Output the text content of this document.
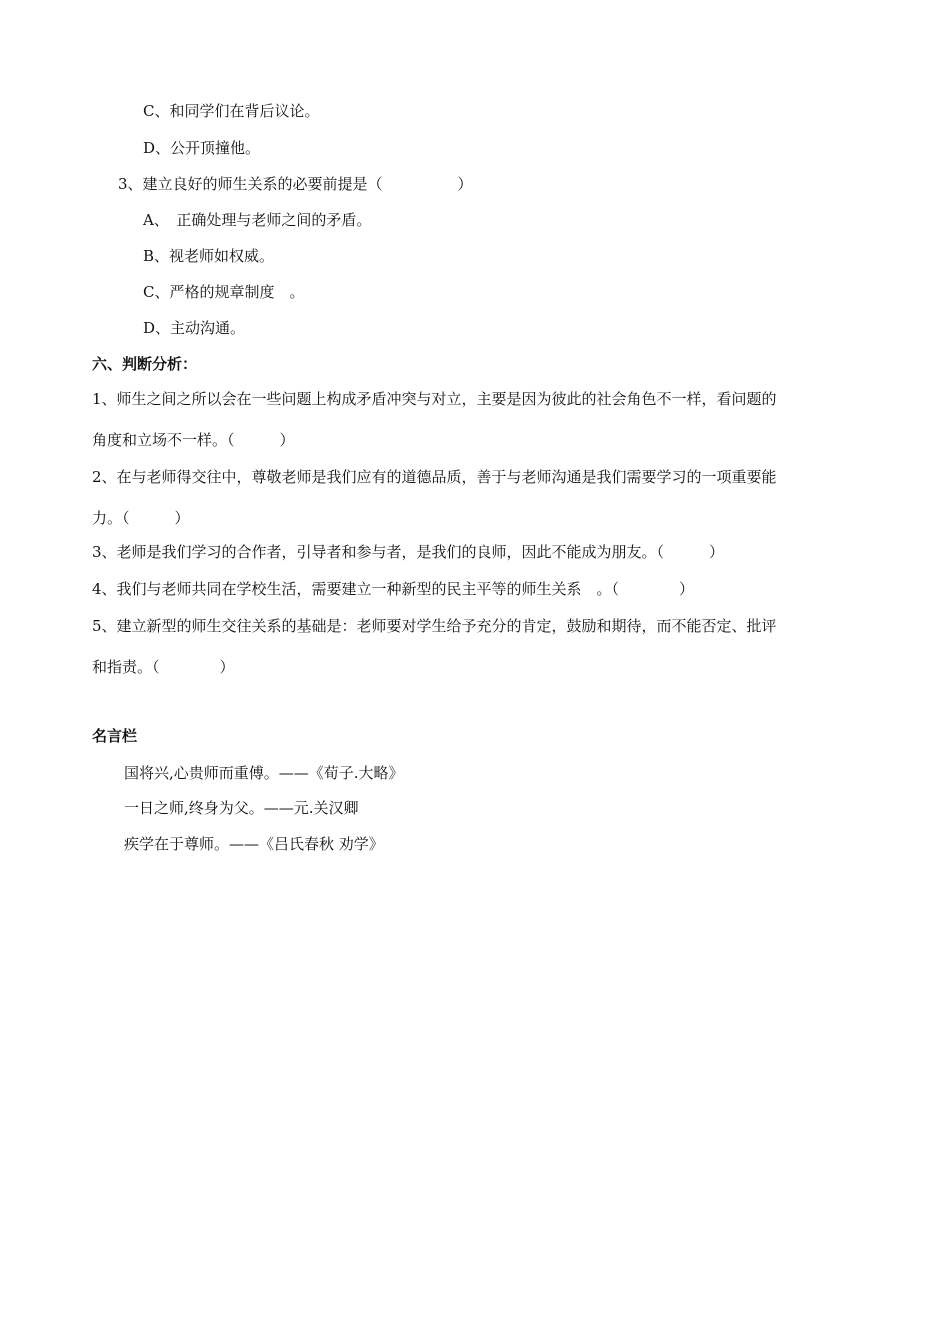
C、和同学们在背后议论。
D、公开顶撞他。
3、建立良好的师生关系的必要前提是（　　　　　）
A、　正确处理与老师之间的矛盾。
B、视老师如权威。
C、严格的规章制度　。
D、主动沟通。
六、判断分析：
1、师生之间之所以会在一些问题上构成矛盾冲突与对立，主要是因为彼此的社会角色不一样，看问题的
角度和立场不一样。（　　　）
2、在与老师得交往中，尊敬老师是我们应有的道德品质，善于与老师沟通是我们需要学习的一项重要能
力。（　　　）
3、老师是我们学习的合作者，引导者和参与者，是我们的良师，因此不能成为朋友。（　　　）
4、我们与老师共同在学校生活，需要建立一种新型的民主平等的师生关系　。（　　　　）
5、建立新型的师生交往关系的基础是：老师要对学生给予充分的肯定，鼓励和期待，而不能否定、批评
和指责。（　　　　）
名言栏
国将兴,心贵师而重傅。——《荀子.大略》
一日之师,终身为父。——元.关汉卿
疾学在于尊师。——《吕氏春秋 劝学》
